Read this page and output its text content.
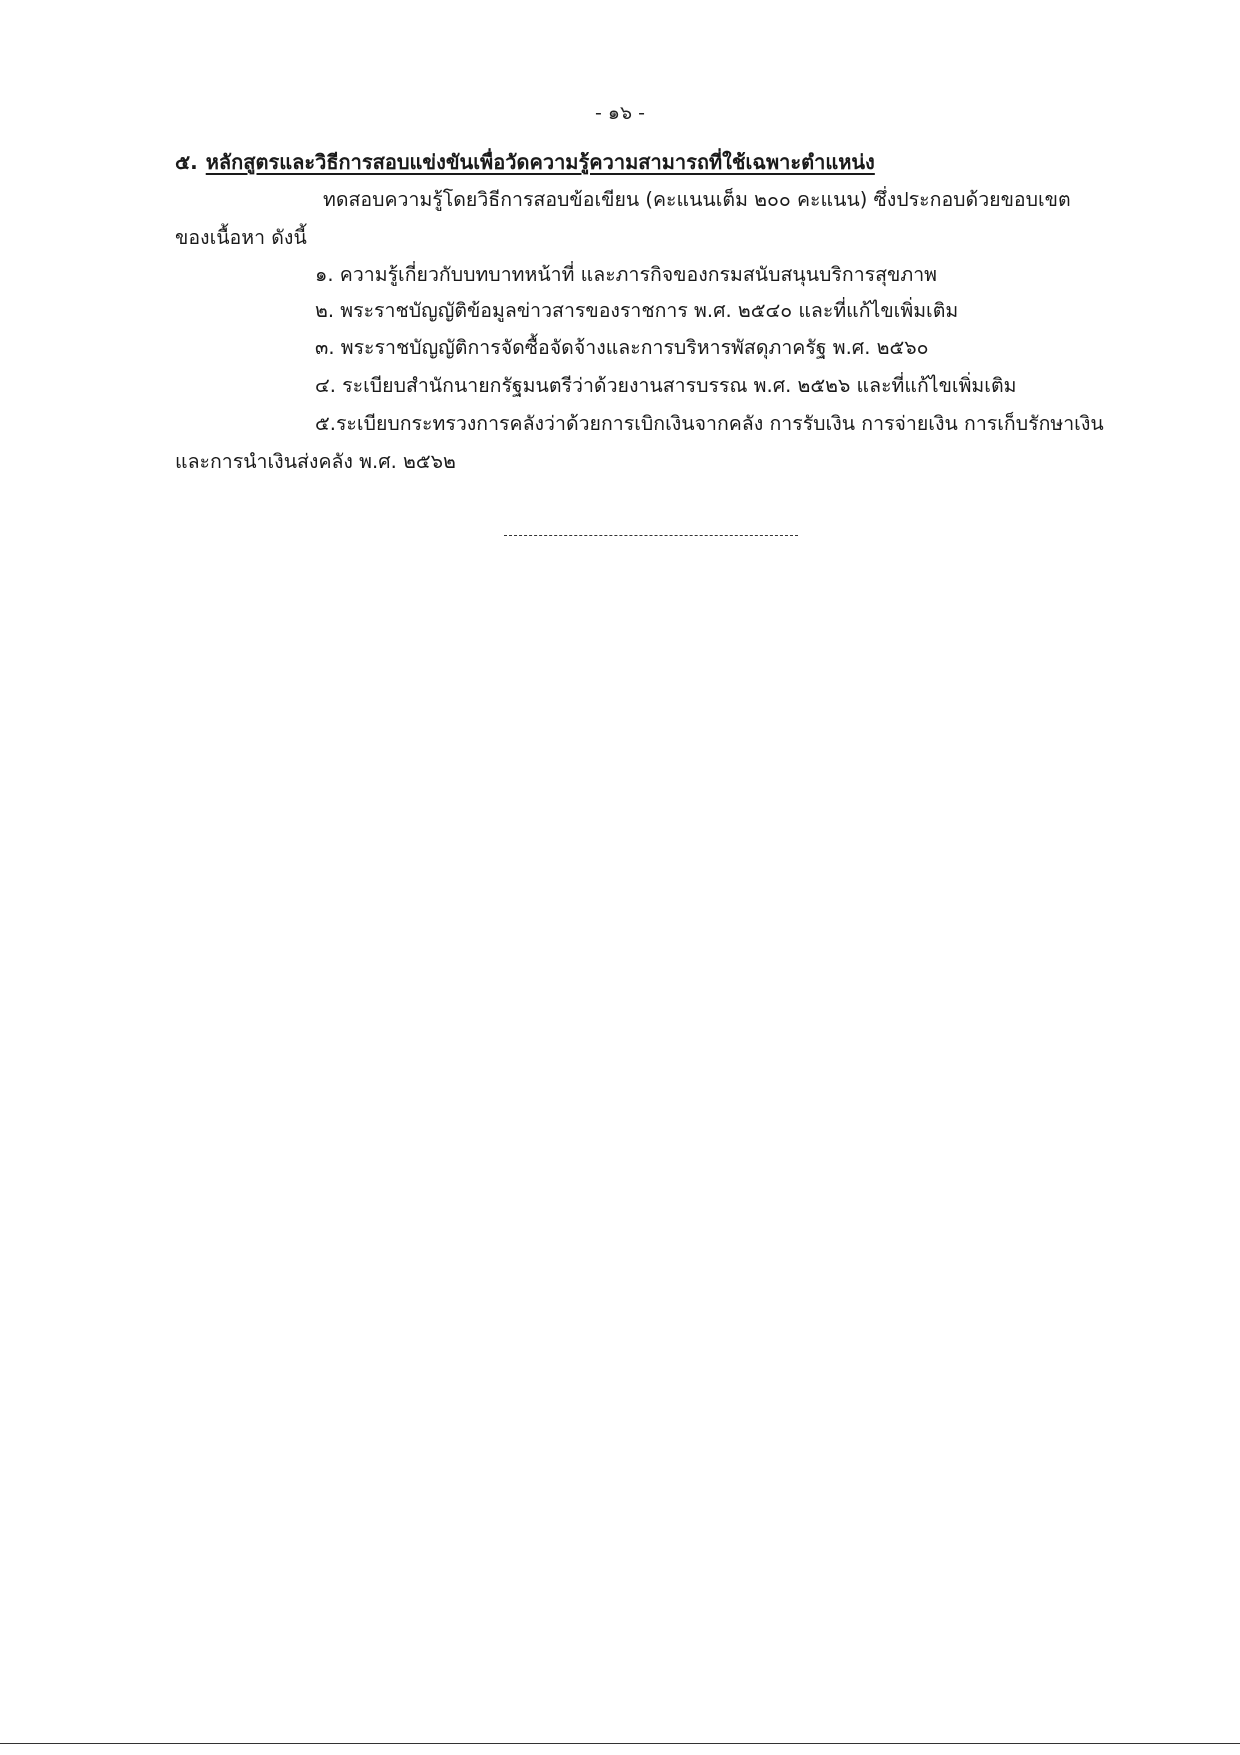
- ๑๖ -
๕. หลักสูตรและวิธีการสอบแข่งขันเพื่อวัดความรู้ความสามารถที่ใช้เฉพาะตำแหน่ง
ทดสอบความรู้โดยวิธีการสอบข้อเขียน (คะแนนเต็ม ๒๐๐ คะแนน) ซึ่งประกอบด้วยขอบเขต
ของเนื้อหา ดังนี้
๑. ความรู้เกี่ยวกับบทบาทหน้าที่ และภารกิจของกรมสนับสนุนบริการสุขภาพ
๒. พระราชบัญญัติข้อมูลข่าวสารของราชการ พ.ศ. ๒๕๔๐ และที่แก้ไขเพิ่มเติม
๓. พระราชบัญญัติการจัดซื้อจัดจ้างและการบริหารพัสดุภาครัฐ พ.ศ. ๒๕๖๐
๔. ระเบียบสำนักนายกรัฐมนตรีว่าด้วยงานสารบรรณ พ.ศ. ๒๕๒๖ และที่แก้ไขเพิ่มเติม
๕.ระเบียบกระทรวงการคลังว่าด้วยการเบิกเงินจากคลัง การรับเงิน การจ่ายเงิน การเก็บรักษาเงิน
และการนำเงินส่งคลัง พ.ศ. ๒๕๖๒
